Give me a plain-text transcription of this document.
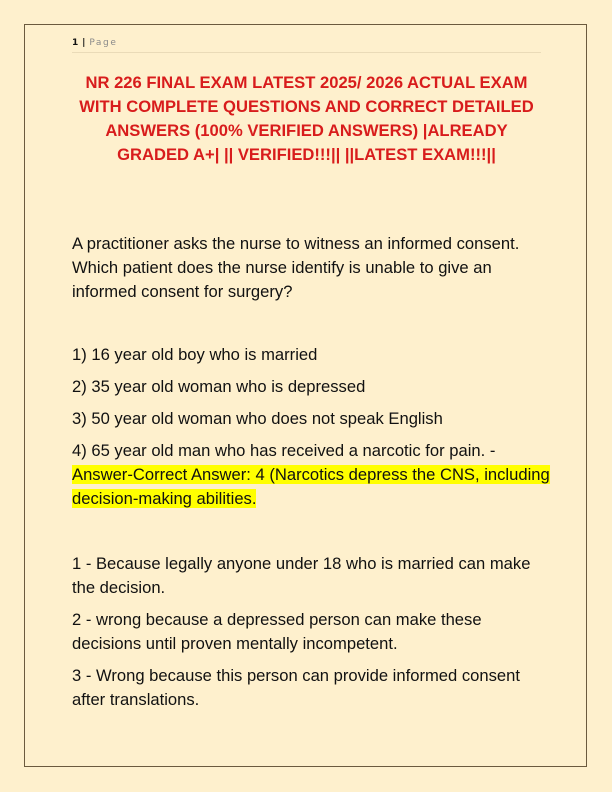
1 | Page
NR 226 FINAL EXAM LATEST 2025/ 2026 ACTUAL EXAM WITH COMPLETE QUESTIONS AND CORRECT DETAILED ANSWERS (100% VERIFIED ANSWERS) |ALREADY GRADED A+| || VERIFIED!!!|| ||LATEST EXAM!!!||
A practitioner asks the nurse to witness an informed consent. Which patient does the nurse identify is unable to give an informed consent for surgery?
1) 16 year old boy who is married
2) 35 year old woman who is depressed
3) 50 year old woman who does not speak English
4) 65 year old man who has received a narcotic for pain. -
Answer-Correct Answer: 4 (Narcotics depress the CNS, including decision-making abilities.
1 - Because legally anyone under 18 who is married can make the decision.
2 - wrong because a depressed person can make these decisions until proven mentally incompetent.
3 - Wrong because this person can provide informed consent after translations.
